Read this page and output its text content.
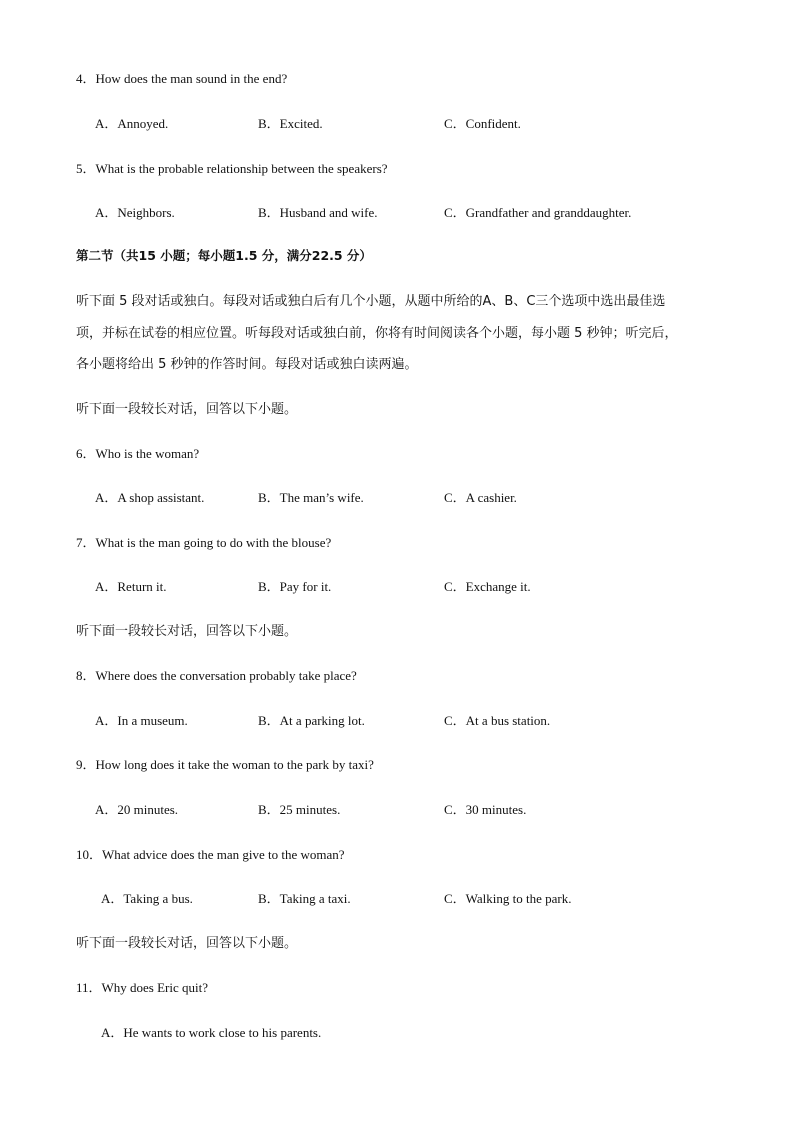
4．How does the man sound in the end?
A．Annoyed.	B．Excited.	C．Confident.
5．What is the probable relationship between the speakers?
A．Neighbors.	B．Husband and wife.	C．Grandfather and granddaughter.
第二节（共15 小题；每小题1.5 分，满分22.5 分）
听下面 5 段对话或独白。每段对话或独白后有几个小题，从题中所给的A、B、C三个选项中选出最佳选
项，并标在试卷的相应位置。听每段对话或独白前，你将有时间阅读各个小题，每小题 5 秒钟；听完后，
各小题将给出 5 秒钟的作答时间。每段对话或独白读两遍。
听下面一段较长对话，回答以下小题。
6．Who is the woman?
A．A shop assistant.	B．The man’s wife.	C．A cashier.
7．What is the man going to do with the blouse?
A．Return it.	B．Pay for it.	C．Exchange it.
听下面一段较长对话，回答以下小题。
8．Where does the conversation probably take place?
A．In a museum.	B．At a parking lot.	C．At a bus station.
9．How long does it take the woman to the park by taxi?
A．20 minutes.	B．25 minutes.	C．30 minutes.
10．What advice does the man give to the woman?
A．Taking a bus.	B．Taking a taxi.	C．Walking to the park.
听下面一段较长对话，回答以下小题。
11．Why does Eric quit?
A．He wants to work close to his parents.
